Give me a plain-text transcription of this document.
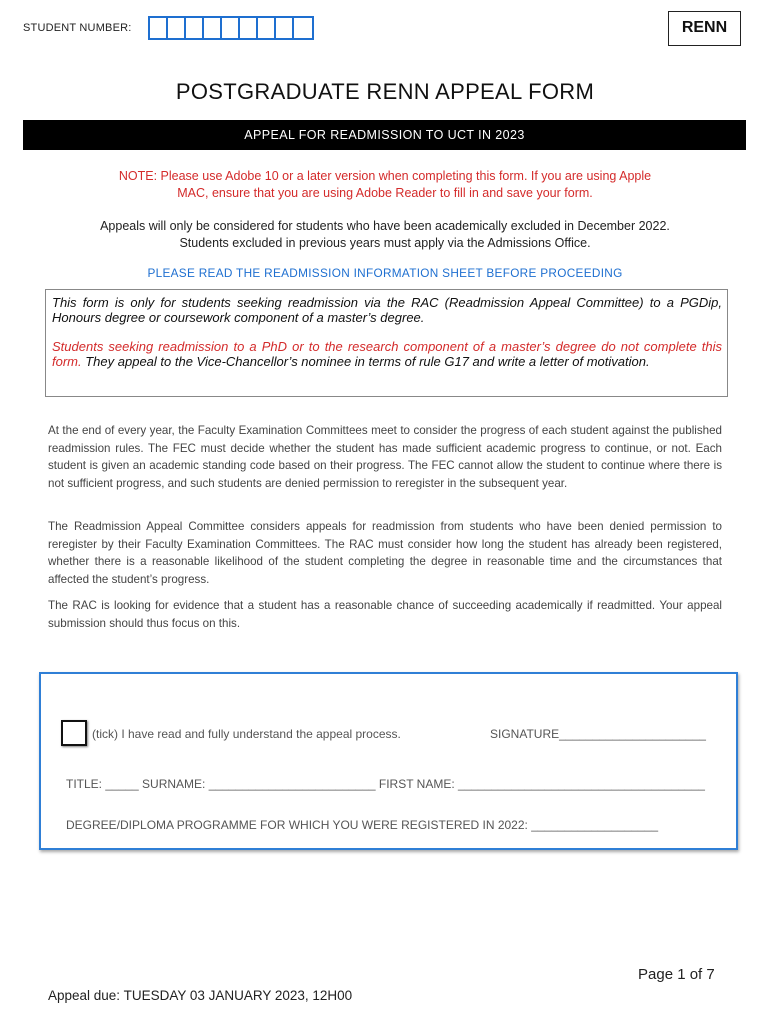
STUDENT NUMBER:	RENN
POSTGRADUATE RENN APPEAL FORM
APPEAL FOR READMISSION TO UCT IN 2023
NOTE: Please use Adobe 10 or a later version when completing this form. If you are using Apple
MAC, ensure that you are using Adobe Reader to fill in and save your form.
Appeals will only be considered for students who have been academically excluded in December 2022.
Students excluded in previous years must apply via the Admissions Office.
PLEASE READ THE READMISSION INFORMATION SHEET BEFORE PROCEEDING

This form is only for students seeking readmission via the RAC (Readmission Appeal Committee) to a PGDip, Honours degree or coursework component of a master’s degree.

Students seeking readmission to a PhD or to the research component of a master’s degree do not complete this form. They appeal to the Vice-Chancellor’s nominee in terms of rule G17 and write a letter of motivation.

At the end of every year, the Faculty Examination Committees meet to consider the progress of each student against the published readmission rules. The FEC must decide whether the student has made sufficient academic progress to continue, or not. Each student is given an academic standing code based on their progress. The FEC cannot allow the student to continue where there is not sufficient progress, and such students are denied permission to reregister in the subsequent year.
The Readmission Appeal Committee considers appeals for readmission from students who have been denied permission to reregister by their Faculty Examination Committees. The RAC must consider how long the student has already been registered, whether there is a reasonable likelihood of the student completing the degree in reasonable time and the circumstances that affected the student’s progress.
The RAC is looking for evidence that a student has a reasonable chance of succeeding academically if readmitted. Your appeal submission should thus focus on this.
(tick) I have read and fully understand the appeal process.	SIGNATURE______________________
TITLE: _____ SURNAME: _________________________ FIRST NAME: _____________________________________
DEGREE/DIPLOMA PROGRAMME FOR WHICH YOU WERE REGISTERED IN 2022: ___________________
Page 1 of 7
Appeal due: TUESDAY 03 JANUARY 2023, 12H00
